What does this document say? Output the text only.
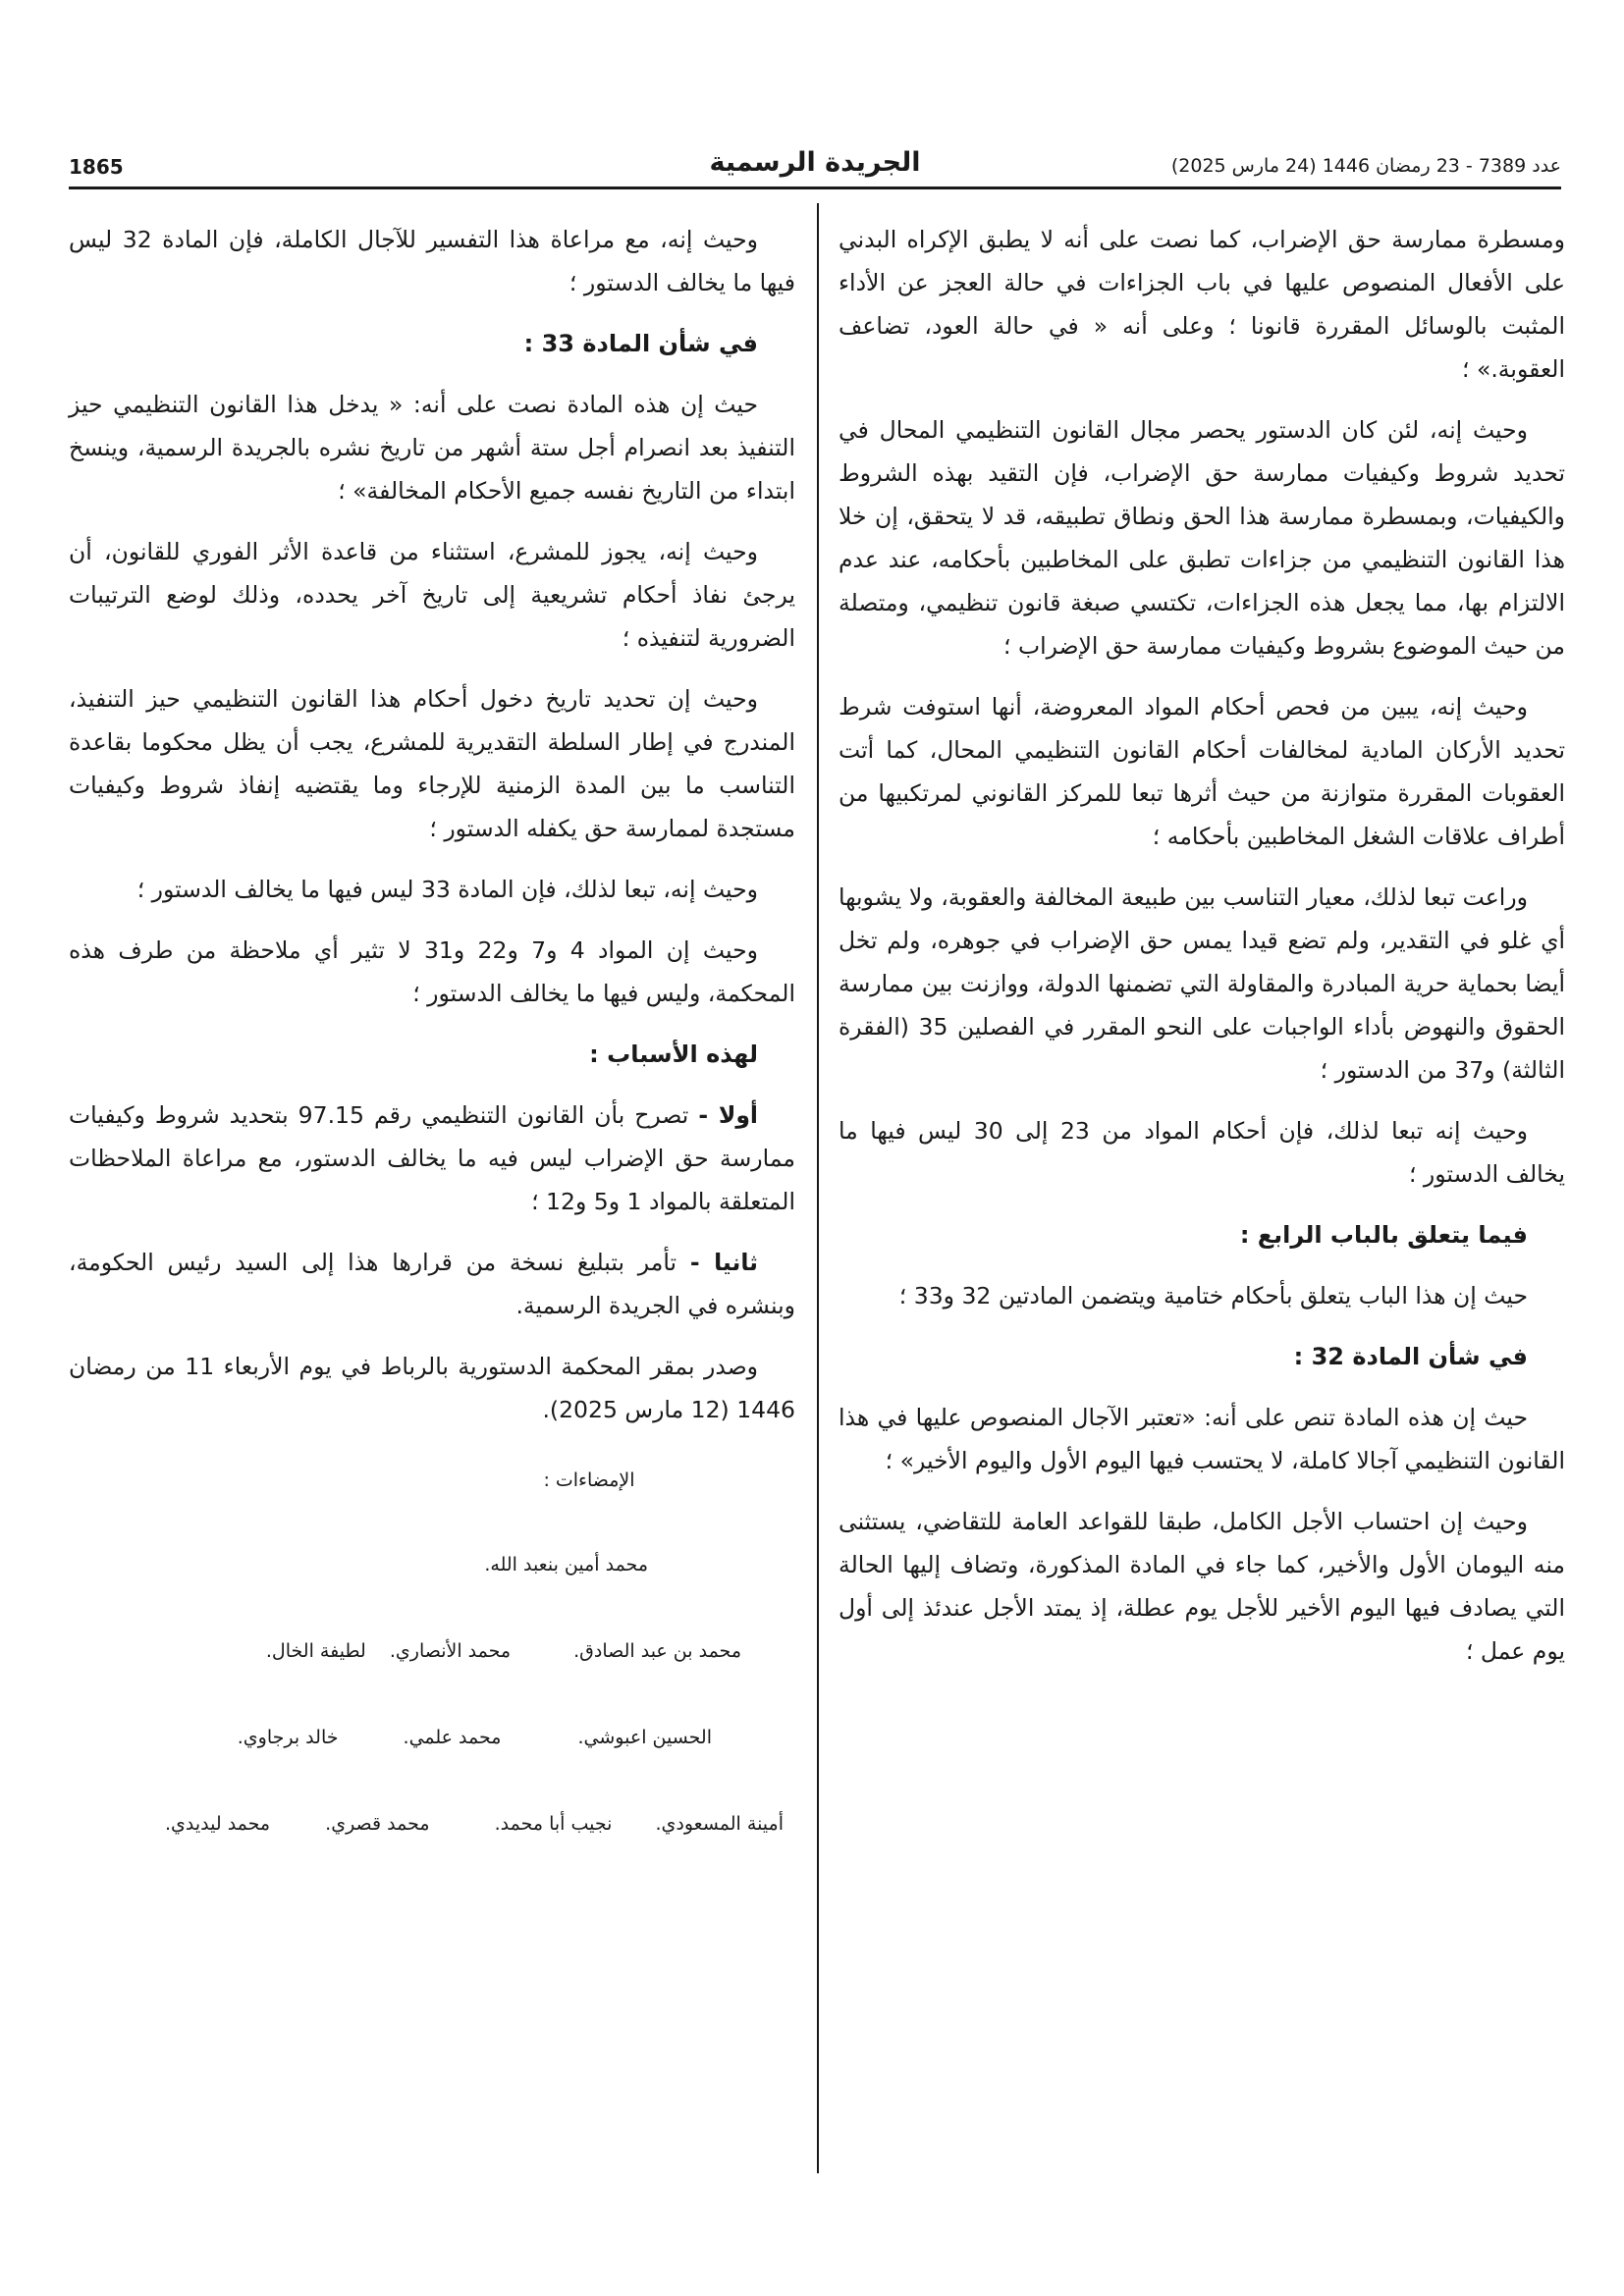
عدد 7389 - 23 رمضان 1446 (24 مارس 2025)
الجريدة الرسمية
1865

ومسطرة ممارسة حق الإضراب، كما نصت على أنه لا يطبق الإكراه البدني على الأفعال المنصوص عليها في باب الجزاءات في حالة العجز عن الأداء المثبت بالوسائل المقررة قانونا ؛ وعلى أنه « في حالة العود، تضاعف العقوبة.» ؛

وحيث إنه، لئن كان الدستور يحصر مجال القانون التنظيمي المحال في تحديد شروط وكيفيات ممارسة حق الإضراب، فإن التقيد بهذه الشروط والكيفيات، وبمسطرة ممارسة هذا الحق ونطاق تطبيقه، قد لا يتحقق، إن خلا هذا القانون التنظيمي من جزاءات تطبق على المخاطبين بأحكامه، عند عدم الالتزام بها، مما يجعل هذه الجزاءات، تكتسي صبغة قانون تنظيمي، ومتصلة من حيث الموضوع بشروط وكيفيات ممارسة حق الإضراب ؛

وحيث إنه، يبين من فحص أحكام المواد المعروضة، أنها استوفت شرط تحديد الأركان المادية لمخالفات أحكام القانون التنظيمي المحال، كما أتت العقوبات المقررة متوازنة من حيث أثرها تبعا للمركز القانوني لمرتكبيها من أطراف علاقات الشغل المخاطبين بأحكامه ؛

وراعت تبعا لذلك، معيار التناسب بين طبيعة المخالفة والعقوبة، ولا يشوبها أي غلو في التقدير، ولم تضع قيدا يمس حق الإضراب في جوهره، ولم تخل أيضا بحماية حرية المبادرة والمقاولة التي تضمنها الدولة، ووازنت بين ممارسة الحقوق والنهوض بأداء الواجبات على النحو المقرر في الفصلين 35 (الفقرة الثالثة) و37 من الدستور ؛

وحيث إنه تبعا لذلك، فإن أحكام المواد من 23 إلى 30 ليس فيها ما يخالف الدستور ؛

فيما يتعلق بالباب الرابع :

حيث إن هذا الباب يتعلق بأحكام ختامية ويتضمن المادتين 32 و33 ؛

في شأن المادة 32 :

حيث إن هذه المادة تنص على أنه: «تعتبر الآجال المنصوص عليها في هذا القانون التنظيمي آجالا كاملة، لا يحتسب فيها اليوم الأول واليوم الأخير» ؛

وحيث إن احتساب الأجل الكامل، طبقا للقواعد العامة للتقاضي، يستثنى منه اليومان الأول والأخير، كما جاء في المادة المذكورة، وتضاف إليها الحالة التي يصادف فيها اليوم الأخير للأجل يوم عطلة، إذ يمتد الأجل عندئذ إلى أول يوم عمل ؛

وحيث إنه، مع مراعاة هذا التفسير للآجال الكاملة، فإن المادة 32 ليس فيها ما يخالف الدستور ؛

في شأن المادة 33 :

حيث إن هذه المادة نصت على أنه: « يدخل هذا القانون التنظيمي حيز التنفيذ بعد انصرام أجل ستة أشهر من تاريخ نشره بالجريدة الرسمية، وينسخ ابتداء من التاريخ نفسه جميع الأحكام المخالفة» ؛

وحيث إنه، يجوز للمشرع، استثناء من قاعدة الأثر الفوري للقانون، أن يرجئ نفاذ أحكام تشريعية إلى تاريخ آخر يحدده، وذلك لوضع الترتيبات الضرورية لتنفيذه ؛

وحيث إن تحديد تاريخ دخول أحكام هذا القانون التنظيمي حيز التنفيذ، المندرج في إطار السلطة التقديرية للمشرع، يجب أن يظل محكوما بقاعدة التناسب ما بين المدة الزمنية للإرجاء وما يقتضيه إنفاذ شروط وكيفيات مستجدة لممارسة حق يكفله الدستور ؛

وحيث إنه، تبعا لذلك، فإن المادة 33 ليس فيها ما يخالف الدستور ؛

وحيث إن المواد 4 و7 و22 و31 لا تثير أي ملاحظة من طرف هذه المحكمة، وليس فيها ما يخالف الدستور ؛

لهذه الأسباب :

أولا - تصرح بأن القانون التنظيمي رقم 97.15 بتحديد شروط وكيفيات ممارسة حق الإضراب ليس فيه ما يخالف الدستور، مع مراعاة الملاحظات المتعلقة بالمواد 1 و5 و12 ؛

ثانيا - تأمر بتبليغ نسخة من قرارها هذا إلى السيد رئيس الحكومة، وبنشره في الجريدة الرسمية.

وصدر بمقر المحكمة الدستورية بالرباط في يوم الأربعاء 11 من رمضان 1446 (12 مارس 2025).

الإمضاءات :
محمد أمين بنعبد الله.
محمد بن عبد الصادق. محمد الأنصاري. لطيفة الخال.
الحسين اعبوشي. محمد علمي. خالد برجاوي.
أمينة المسعودي. نجيب أبا محمد. محمد قصري. محمد ليديدي.
